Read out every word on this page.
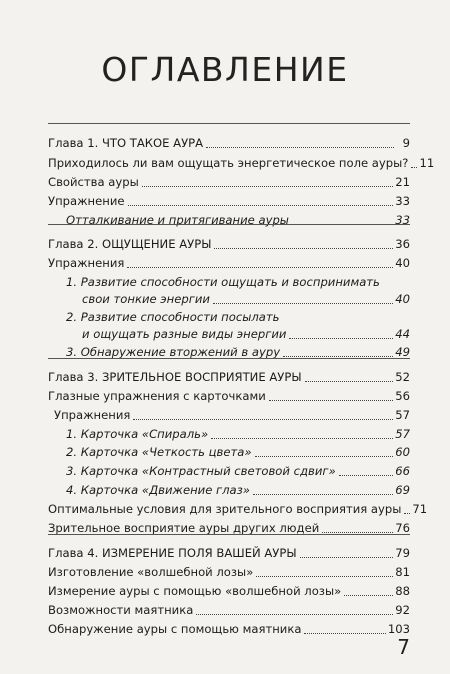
ОГЛАВЛЕНИЕ
Глава 1. ЧТО ТАКОЕ АУРА	9
Приходилось ли вам ощущать энергетическое поле ауры? 11
Свойства ауры	21
Упражнение	33
Отталкивание и притягивание ауры	33
Глава 2. ОЩУЩЕНИЕ АУРЫ	36
Упражнения	40
1. Развитие способности ощущать и воспринимать
свои тонкие энергии	40
2. Развитие способности посылать
и ощущать разные виды энергии	44
3. Обнаружение вторжений в ауру	49
Глава 3. ЗРИТЕЛЬНОЕ ВОСПРИЯТИЕ АУРЫ	52
Глазные упражнения с карточками	56
Упражнения	57
1. Карточка «Спираль»	57
2. Карточка «Четкость цвета»	60
3. Карточка «Контрастный световой сдвиг»	66
4. Карточка «Движение глаз»	69
Оптимальные условия для зрительного восприятия ауры 71
Зрительное восприятие ауры других людей	76
Глава 4. ИЗМЕРЕНИЕ ПОЛЯ ВАШЕЙ АУРЫ	79
Изготовление «волшебной лозы»	81
Измерение ауры с помощью «волшебной лозы»	88
Возможности маятника	92
Обнаружение ауры с помощью маятника	103
7
